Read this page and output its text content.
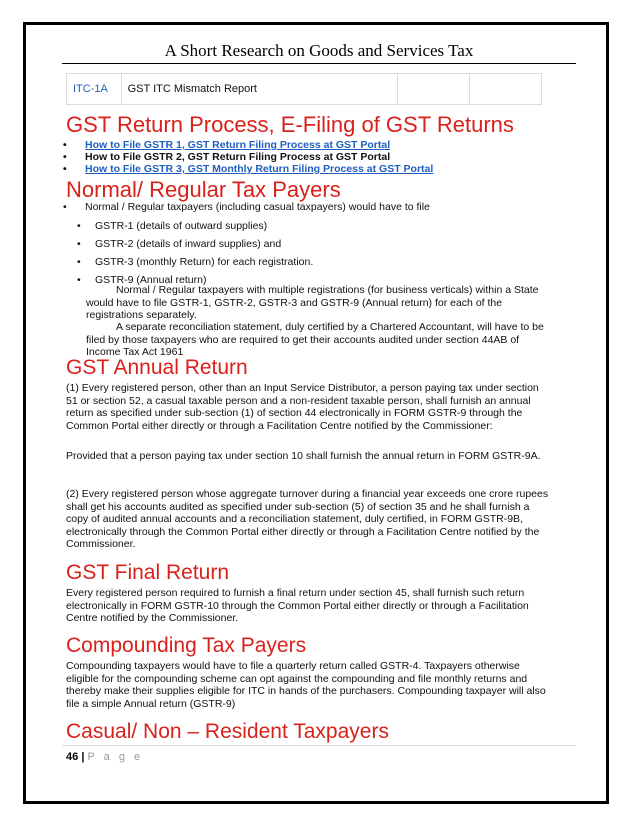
A Short Research on Goods and Services Tax
ITC-1A	GST ITC Mismatch Report		
GST Return Process, E-Filing of GST Returns
• How to File GSTR 1, GST Return Filing Process at GST Portal
• How to File GSTR 2, GST Return Filing Process at GST Portal
• How to File GSTR 3, GST Monthly Return Filing Process at GST Portal
Normal/ Regular Tax Payers
• Normal / Regular taxpayers (including casual taxpayers) would have to file
• GSTR-1 (details of outward supplies)
• GSTR-2 (details of inward supplies) and
• GSTR-3 (monthly Return) for each registration.
• GSTR-9 (Annual return)

Normal / Regular taxpayers with multiple registrations (for business verticals) within a State would have to file GSTR-1, GSTR-2, GSTR-3 and GSTR-9 (Annual return) for each of the registrations separately.

A separate reconciliation statement, duly certified by a Chartered Accountant, will have to be filed by those taxpayers who are required to get their accounts audited under section 44AB of Income Tax Act 1961

GST Annual Return

(1) Every registered person, other than an Input Service Distributor, a person paying tax under section 51 or section 52, a casual taxable person and a non-resident taxable person, shall furnish an annual return as specified under sub-section (1) of section 44 electronically in FORM GSTR-9 through the Common Portal either directly or through a Facilitation Centre notified by the Commissioner:

Provided that a person paying tax under section 10 shall furnish the annual return in FORM GSTR-9A.

(2) Every registered person whose aggregate turnover during a financial year exceeds one crore rupees shall get his accounts audited as specified under sub-section (5) of section 35 and he shall furnish a copy of audited annual accounts and a reconciliation statement, duly certified, in FORM GSTR-9B, electronically through the Common Portal either directly or through a Facilitation Centre notified by the Commissioner.

GST Final Return

Every registered person required to furnish a final return under section 45, shall furnish such return electronically in FORM GSTR-10 through the Common Portal either directly or through a Facilitation Centre notified by the Commissioner.

Compounding Tax Payers

Compounding taxpayers would have to file a quarterly return called GSTR-4. Taxpayers otherwise eligible for the compounding scheme can opt against the compounding and file monthly returns and thereby make their supplies eligible for ITC in hands of the purchasers. Compounding taxpayer will also file a simple Annual return (GSTR-9)

Casual/ Non – Resident Taxpayers
46 | P a g e
